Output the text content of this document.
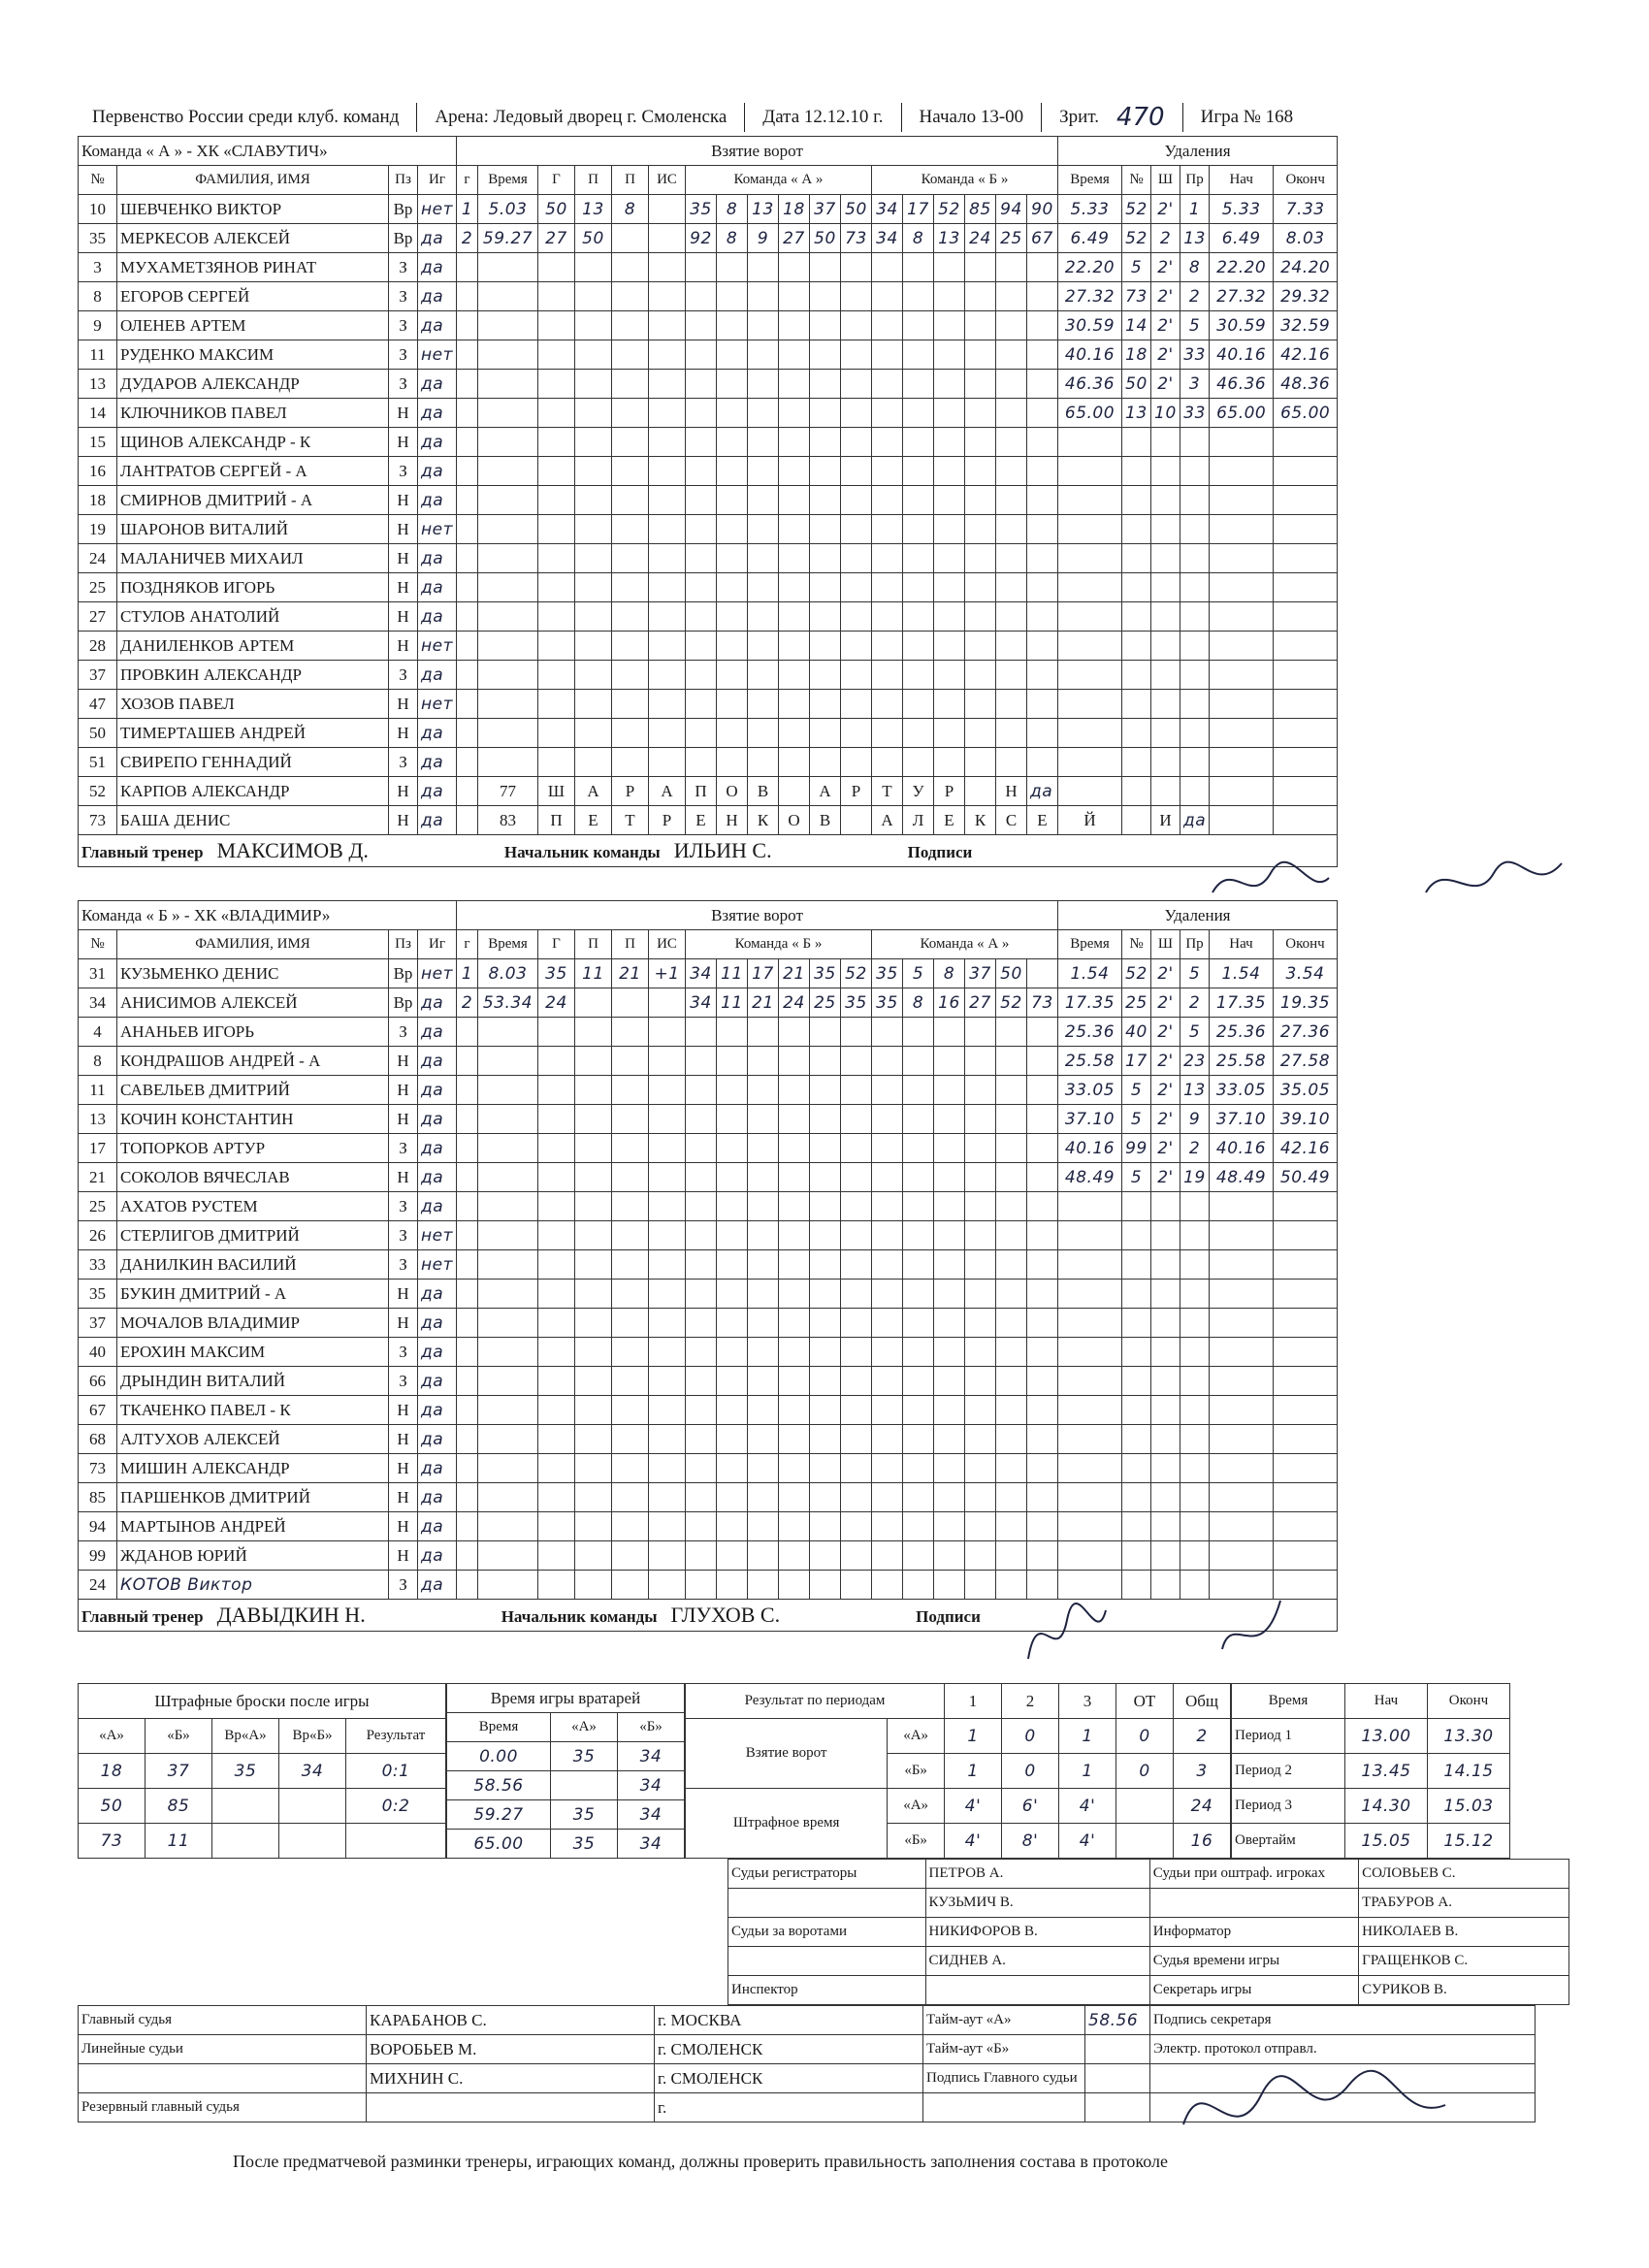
Первенство России среди клуб. команд Арена: Ледовый дворец г. Смоленска Дата 12.12.10 г. Начало 13-00 Зрит. 470 Игра № 168
Команда « А » - ХК «СЛАВУТИЧ»				Взятие ворот																		Удаления					
№	ФАМИЛИЯ, ИМЯ	Пз	Иг	г	Время	Г	П	П	ИС	Команда « А »						Команда « Б »						Время	№	Ш	Пр	Нач	Оконч
10	ШЕВЧЕНКО ВИКТОР	Вр	нет	1	5.03	50	13	8		35	8	13	18	37	50	34	17	52	85	94	90	5.33	52	2'	1	5.33	7.33
35	МЕРКЕСОВ АЛЕКСЕЙ	Вр	да	2	59.27	27	50			92	8	9	27	50	73	34	8	13	24	25	67	6.49	52	2	13	6.49	8.03
3	МУХАМЕТЗЯНОВ РИНАТ	З	да																			22.20	5	2'	8	22.20	24.20
8	ЕГОРОВ СЕРГЕЙ	З	да																			27.32	73	2'	2	27.32	29.32
9	ОЛЕНЕВ АРТЕМ	З	да																			30.59	14	2'	5	30.59	32.59
11	РУДЕНКО МАКСИМ	З	нет																			40.16	18	2'	33	40.16	42.16
13	ДУДАРОВ АЛЕКСАНДР	З	да																			46.36	50	2'	3	46.36	48.36
14	КЛЮЧНИКОВ ПАВЕЛ	Н	да																			65.00	13	10	33	65.00	65.00
15	ЩИНОВ АЛЕКСАНДР - К	Н	да																								
16	ЛАНТРАТОВ СЕРГЕЙ - А	З	да																								
18	СМИРНОВ ДМИТРИЙ - А	Н	да																								
19	ШАРОНОВ ВИТАЛИЙ	Н	нет																								
24	МАЛАНИЧЕВ МИХАИЛ	Н	да																								
25	ПОЗДНЯКОВ ИГОРЬ	Н	да																								
27	СТУЛОВ АНАТОЛИЙ	Н	да																								
28	ДАНИЛЕНКОВ АРТЕМ	Н	нет																								
37	ПРОВКИН АЛЕКСАНДР	З	да																								
47	ХОЗОВ ПАВЕЛ	Н	нет																								
50	ТИМЕРТАШЕВ АНДРЕЙ	Н	да																								
51	СВИРЕПО ГЕННАДИЙ	З	да																								
52	КАРПОВ АЛЕКСАНДР	Н	да		77	Ш	А	Р	А	П	О	В		А	Р	Т	У	Р		Н	да						
73	БАША ДЕНИС	Н	да		83	П	Е	Т	Р	Е	Н	К	О	В		А	Л	Е	К	С	Е	Й		И	да		
Главный тренер МАКСИМОВ Д. Начальник команды ИЛЬИН С. Подписи																											
Команда « Б » - ХК «ВЛАДИМИР»				Взятие ворот																		Удаления					
№	ФАМИЛИЯ, ИМЯ	Пз	Иг	г	Время	Г	П	П	ИС	Команда « Б »						Команда « А »						Время	№	Ш	Пр	Нач	Оконч
31	КУЗЬМЕНКО ДЕНИС	Вр	нет	1	8.03	35	11	21	+1	34	11	17	21	35	52	35	5	8	37	50		1.54	52	2'	5	1.54	3.54
34	АНИСИМОВ АЛЕКСЕЙ	Вр	да	2	53.34	24				34	11	21	24	25	35	35	8	16	27	52	73	17.35	25	2'	2	17.35	19.35
4	АНАНЬЕВ ИГОРЬ	З	да																			25.36	40	2'	5	25.36	27.36
8	КОНДРАШОВ АНДРЕЙ - А	Н	да																			25.58	17	2'	23	25.58	27.58
11	САВЕЛЬЕВ ДМИТРИЙ	Н	да																			33.05	5	2'	13	33.05	35.05
13	КОЧИН КОНСТАНТИН	Н	да																			37.10	5	2'	9	37.10	39.10
17	ТОПОРКОВ АРТУР	З	да																			40.16	99	2'	2	40.16	42.16
21	СОКОЛОВ ВЯЧЕСЛАВ	Н	да																			48.49	5	2'	19	48.49	50.49
25	АХАТОВ РУСТЕМ	З	да																								
26	СТЕРЛИГОВ ДМИТРИЙ	З	нет																								
33	ДАНИЛКИН ВАСИЛИЙ	З	нет																								
35	БУКИН ДМИТРИЙ - А	Н	да																								
37	МОЧАЛОВ ВЛАДИМИР	Н	да																								
40	ЕРОХИН МАКСИМ	З	да																								
66	ДРЫНДИН ВИТАЛИЙ	З	да																								
67	ТКАЧЕНКО ПАВЕЛ - К	Н	да																								
68	АЛТУХОВ АЛЕКСЕЙ	Н	да																								
73	МИШИН АЛЕКСАНДР	Н	да																								
85	ПАРШЕНКОВ ДМИТРИЙ	Н	да																								
94	МАРТЫНОВ АНДРЕЙ	Н	да																								
99	ЖДАНОВ ЮРИЙ	Н	да																								
24	КОТОВ Виктор	З	да																								
Главный тренер ДАВЫДКИН Н. Начальник команды ГЛУХОВ С. Подписи																											
Штрафные броски после игры				
«А»	«Б»	Вр«А»	Вр«Б»	Результат
18	37	35	34	0:1
50	85			0:2
73	11			
Время игры вратарей		
Время	«А»	«Б»
0.00	35	34
58.56		34
59.27	35	34
65.00	35	34
Результат по периодам		1	2	3	ОТ	Общ
Взятие ворот	«А»	1	0	1	0	2
	«Б»	1	0	1	0	3
Штрафное время	«А»	4'	6'	4'		24
	«Б»	4'	8'	4'		16
Время	Нач	Оконч
Период 1	13.00	13.30
Период 2	13.45	14.15
Период 3	14.30	15.03
Овертайм	15.05	15.12
Судьи регистраторы	ПЕТРОВ А.	Судьи при оштраф. игроках	СОЛОВЬЕВ С.
	КУЗЬМИЧ В.		ТРАБУРОВ А.
Судьи за воротами	НИКИФОРОВ В.	Информатор	НИКОЛАЕВ В.
	СИДНЕВ А.	Судья времени игры	ГРАЩЕНКОВ С.
Инспектор		Секретарь игры	СУРИКОВ В.
Главный судья	КАРАБАНОВ С.	г. МОСКВА	Тайм-аут «А»	58.56	Подпись секретаря
Линейные судьи	ВОРОБЬЕВ М.	г. СМОЛЕНСК	Тайм-аут «Б»		Электр. протокол отправл.
	МИХНИН С.	г. СМОЛЕНСК	Подпись Главного судьи		
Резервный главный судья		г.			
После предматчевой разминки тренеры, играющих команд, должны проверить правильность заполнения состава в протоколе
